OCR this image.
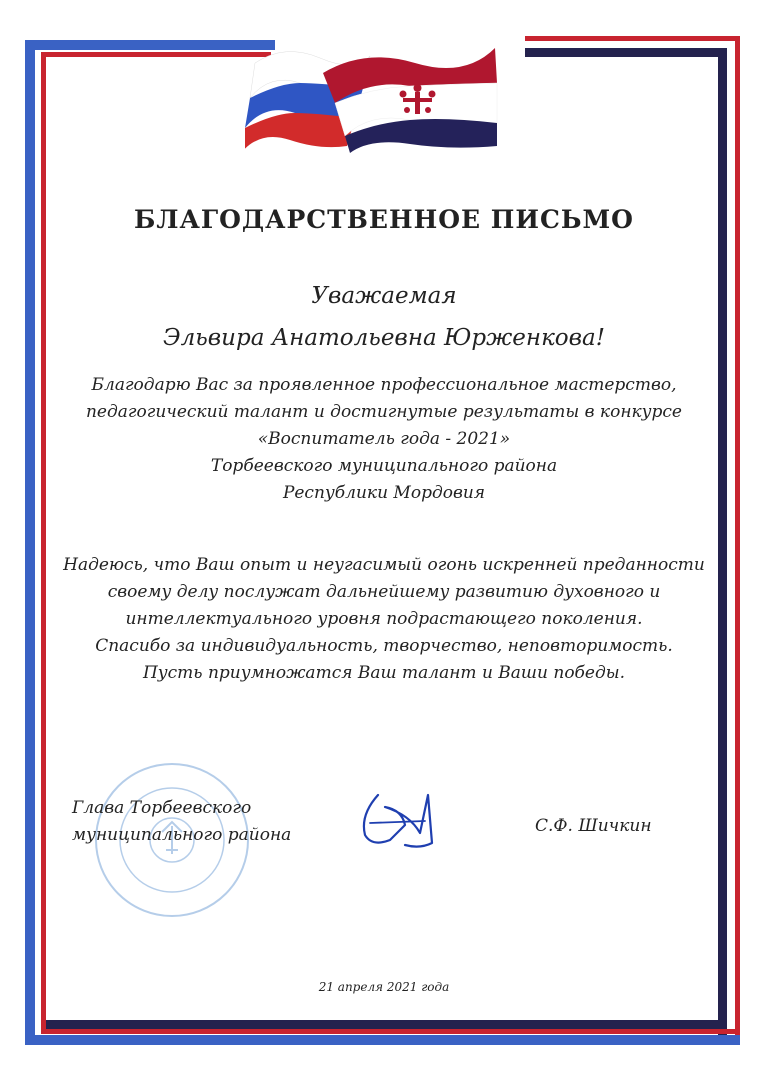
БЛАГОДАРСТВЕННОЕ ПИСЬМО
Уважаемая
Эльвира Анатольевна Юрженкова!
Благодарю Вас за проявленное профессиональное мастерство,
педагогический талант и достигнутые результаты в конкурсе
«Воспитатель года - 2021»
Торбеевского муниципального района
Республики Мордовия
Надеюсь, что Ваш опыт и неугасимый огонь искренней преданности
своему делу послужат дальнейшему развитию духовного и
интеллектуального уровня подрастающего поколения.
Спасибо за индивидуальность, творчество, неповторимость.
Пусть приумножатся Ваш талант и Ваши победы.
Глава Торбеевского
муниципального района	С.Ф. Шичкин
21 апреля 2021 года
